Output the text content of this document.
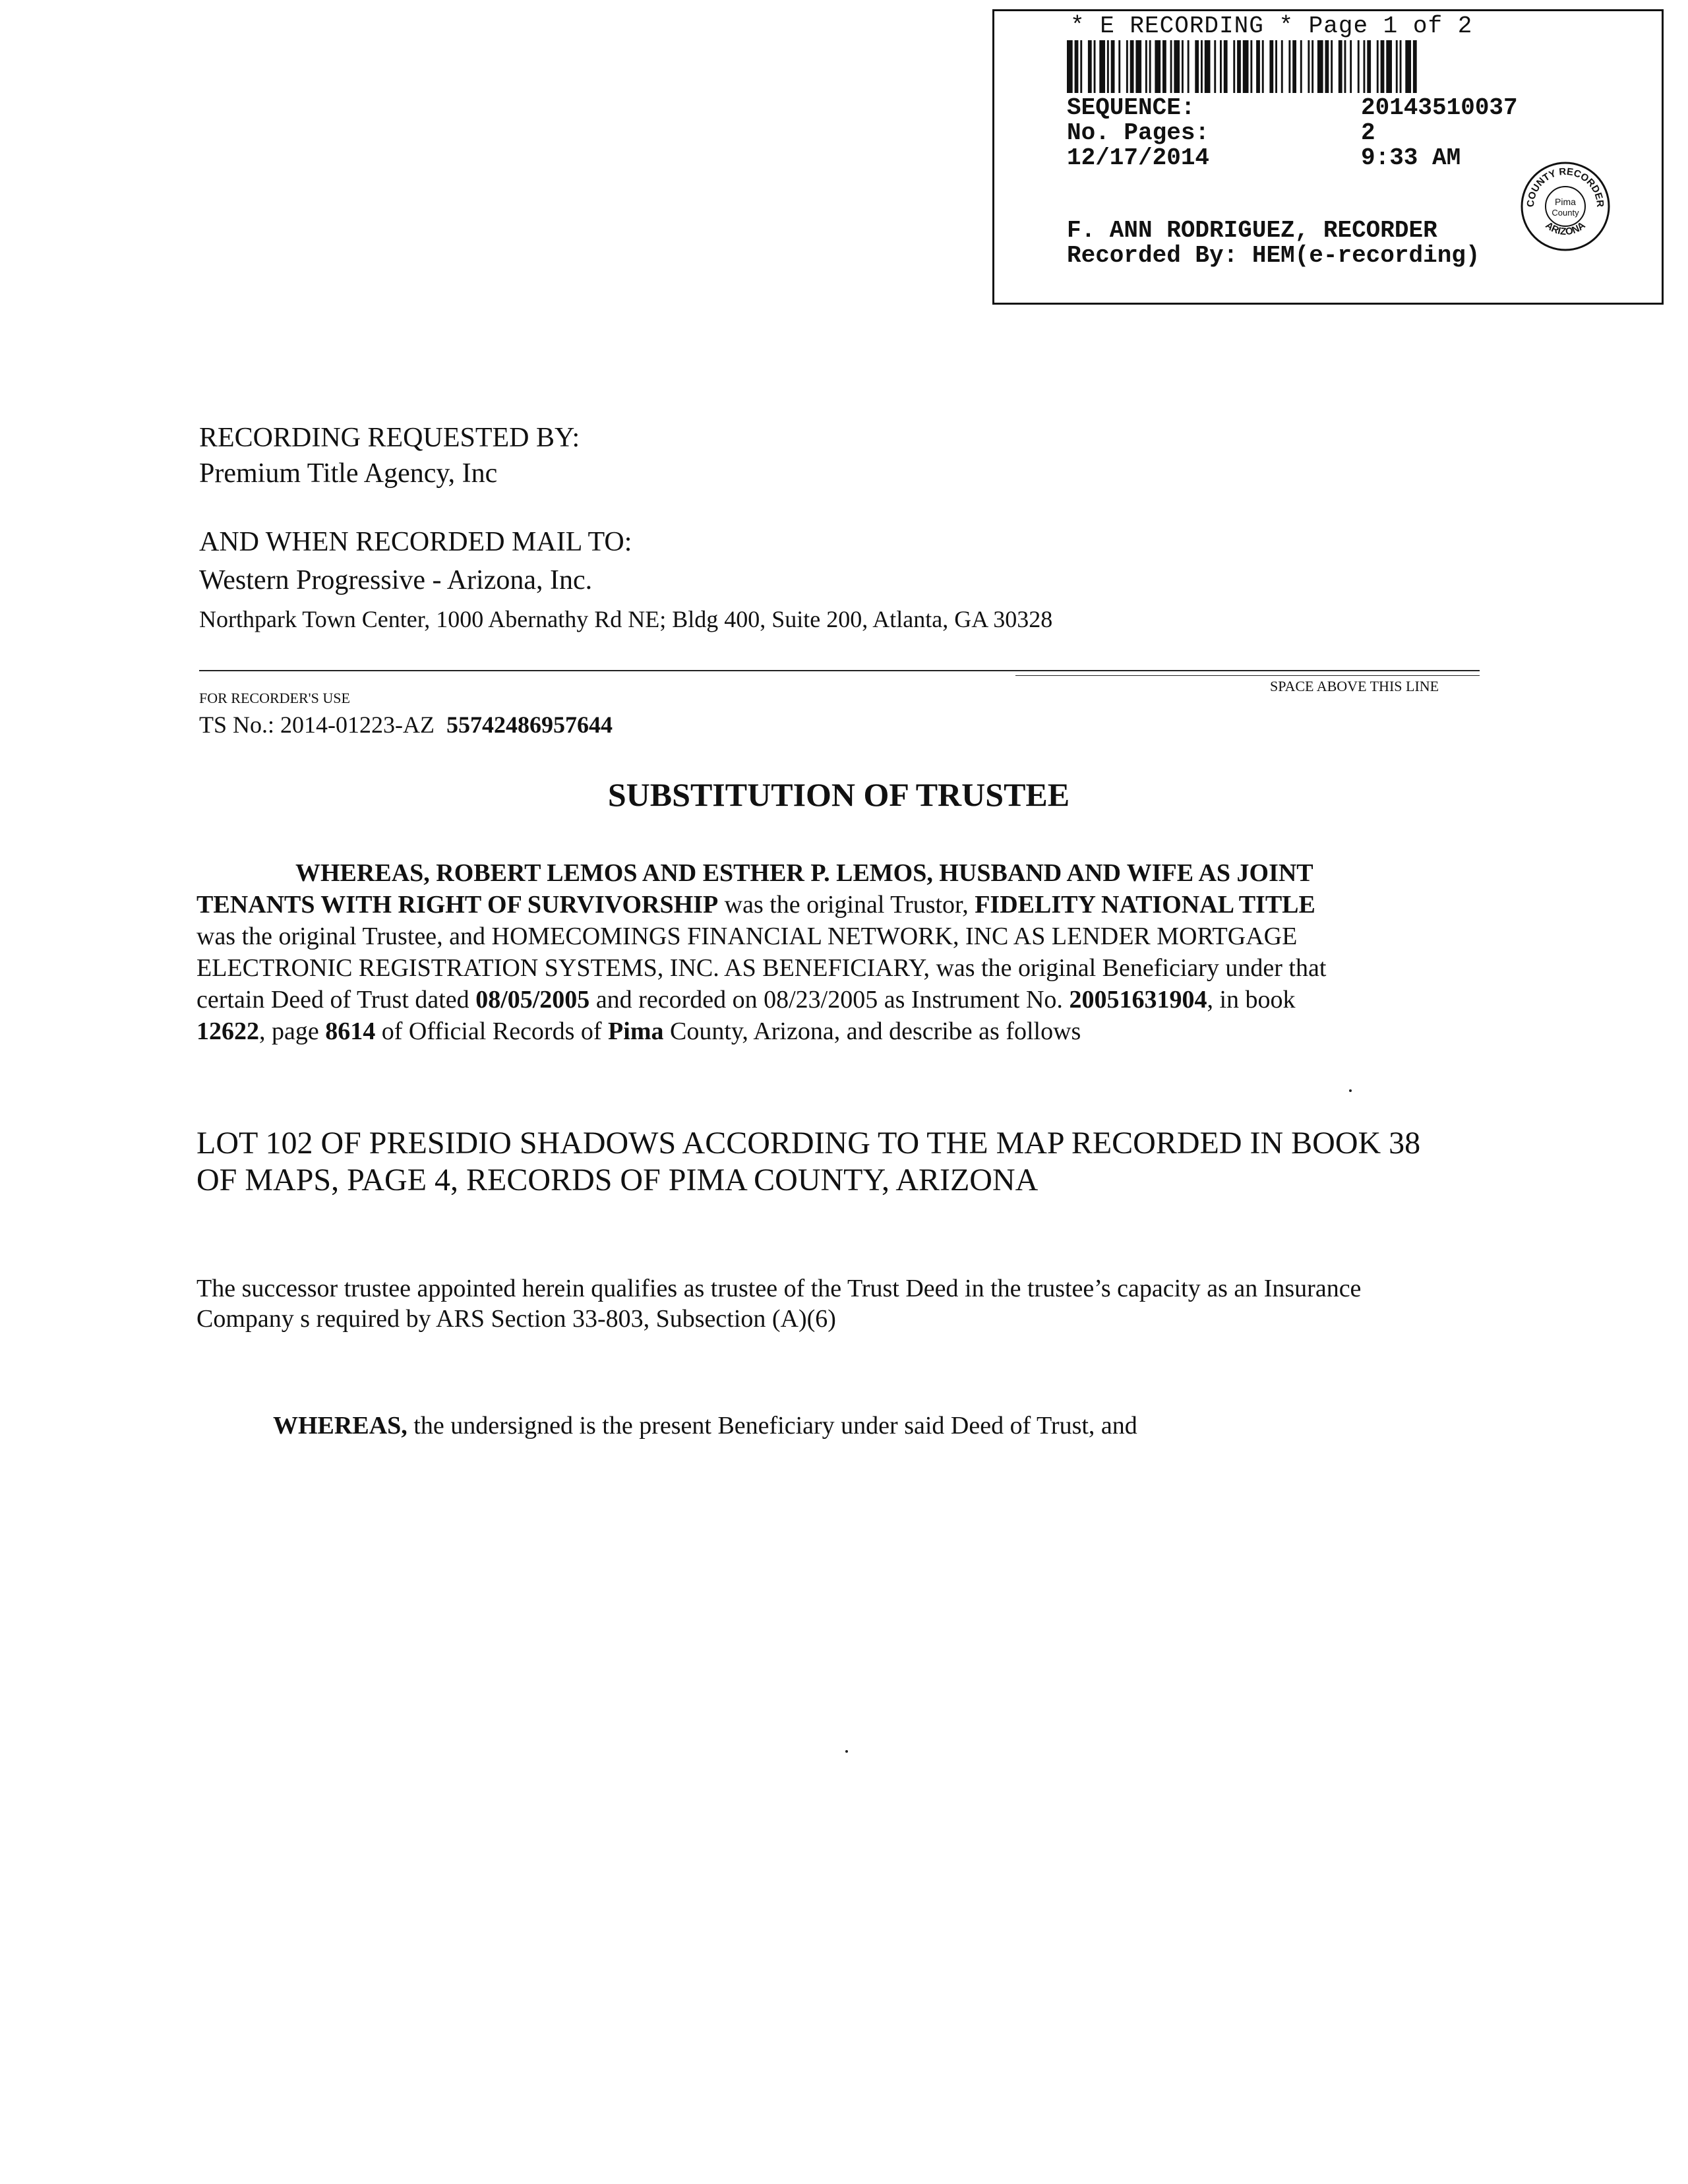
* E RECORDING * Page 1 of 2
SEQUENCE:	20143510037
No. Pages:	2
12/17/2014	9:33 AM
F. ANN RODRIGUEZ, RECORDER
Recorded By: HEM(e-recording)
COUNTY RECORDER
ARIZONA
Pima
County
RECORDING REQUESTED BY:
Premium Title Agency, Inc
AND WHEN RECORDED MAIL TO:
Western Progressive - Arizona, Inc.
Northpark Town Center, 1000 Abernathy Rd NE; Bldg 400, Suite 200, Atlanta, GA 30328
SPACE ABOVE THIS LINE
FOR RECORDER'S USE
TS No.: 2014-01223-AZ 55742486957644
SUBSTITUTION OF TRUSTEE
WHEREAS, ROBERT LEMOS AND ESTHER P. LEMOS, HUSBAND AND WIFE AS JOINT
TENANTS WITH RIGHT OF SURVIVORSHIP was the original Trustor, FIDELITY NATIONAL TITLE
was the original Trustee, and HOMECOMINGS FINANCIAL NETWORK, INC AS LENDER MORTGAGE
ELECTRONIC REGISTRATION SYSTEMS, INC. AS BENEFICIARY, was the original Beneficiary under that
certain Deed of Trust dated 08/05/2005 and recorded on 08/23/2005 as Instrument No. 20051631904, in book
12622, page 8614 of Official Records of Pima County, Arizona, and describe as follows
LOT 102 OF PRESIDIO SHADOWS ACCORDING TO THE MAP RECORDED IN BOOK 38
OF MAPS, PAGE 4, RECORDS OF PIMA COUNTY, ARIZONA
The successor trustee appointed herein qualifies as trustee of the Trust Deed in the trustee’s capacity as an Insurance
Company s required by ARS Section 33-803, Subsection (A)(6)
WHEREAS, the undersigned is the present Beneficiary under said Deed of Trust, and
